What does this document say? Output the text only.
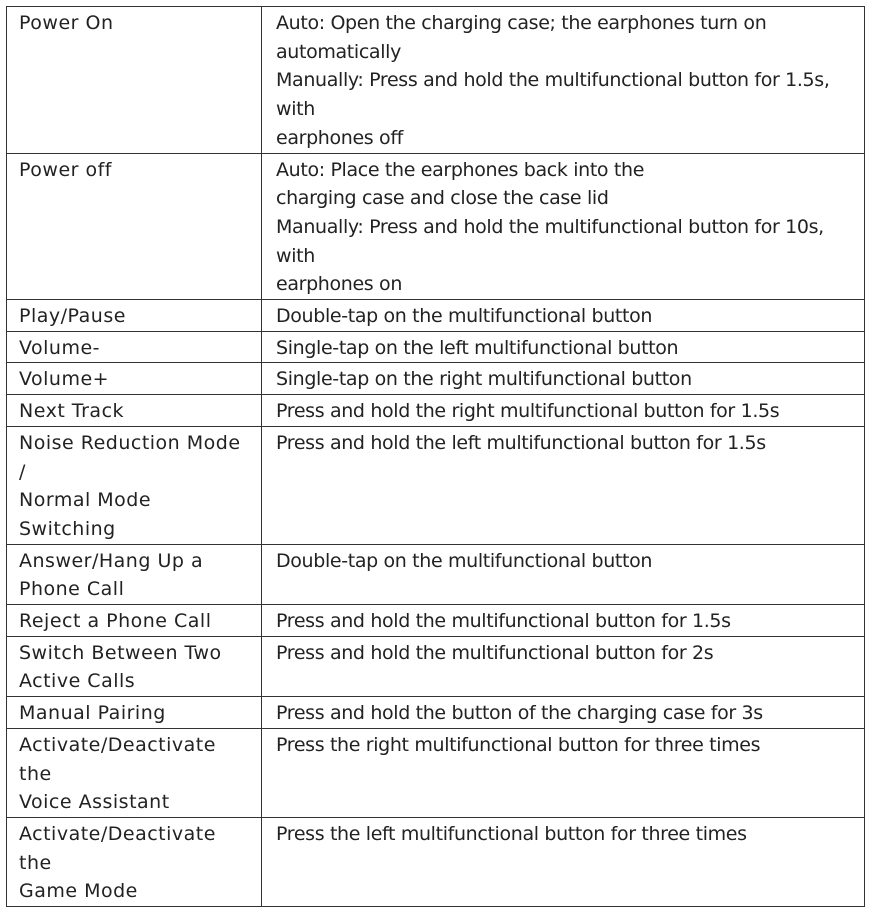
Power On	Auto: Open the charging case; the earphones turn on
automatically
Manually: Press and hold the multifunctional button for 1.5s, with
earphones off

Power off	Auto: Place the earphones back into the
charging case and close the case lid
Manually: Press and hold the multifunctional button for 10s, with
earphones on

Play/Pause	Double-tap on the multifunctional button

Volume-	Single-tap on the left multifunctional button

Volume+	Single-tap on the right multifunctional button

Next Track	Press and hold the right multifunctional button for 1.5s

Noise Reduction Mode /
Normal Mode Switching	Press and hold the left multifunctional button for 1.5s

Answer/Hang Up a
Phone Call	Double-tap on the multifunctional button

Reject a Phone Call	Press and hold the multifunctional button for 1.5s

Switch Between Two
Active Calls	Press and hold the multifunctional button for 2s

Manual Pairing	Press and hold the button of the charging case for 3s

Activate/Deactivate the
Voice Assistant	Press the right multifunctional button for three times

Activate/Deactivate the
Game Mode	Press the left multifunctional button for three times
